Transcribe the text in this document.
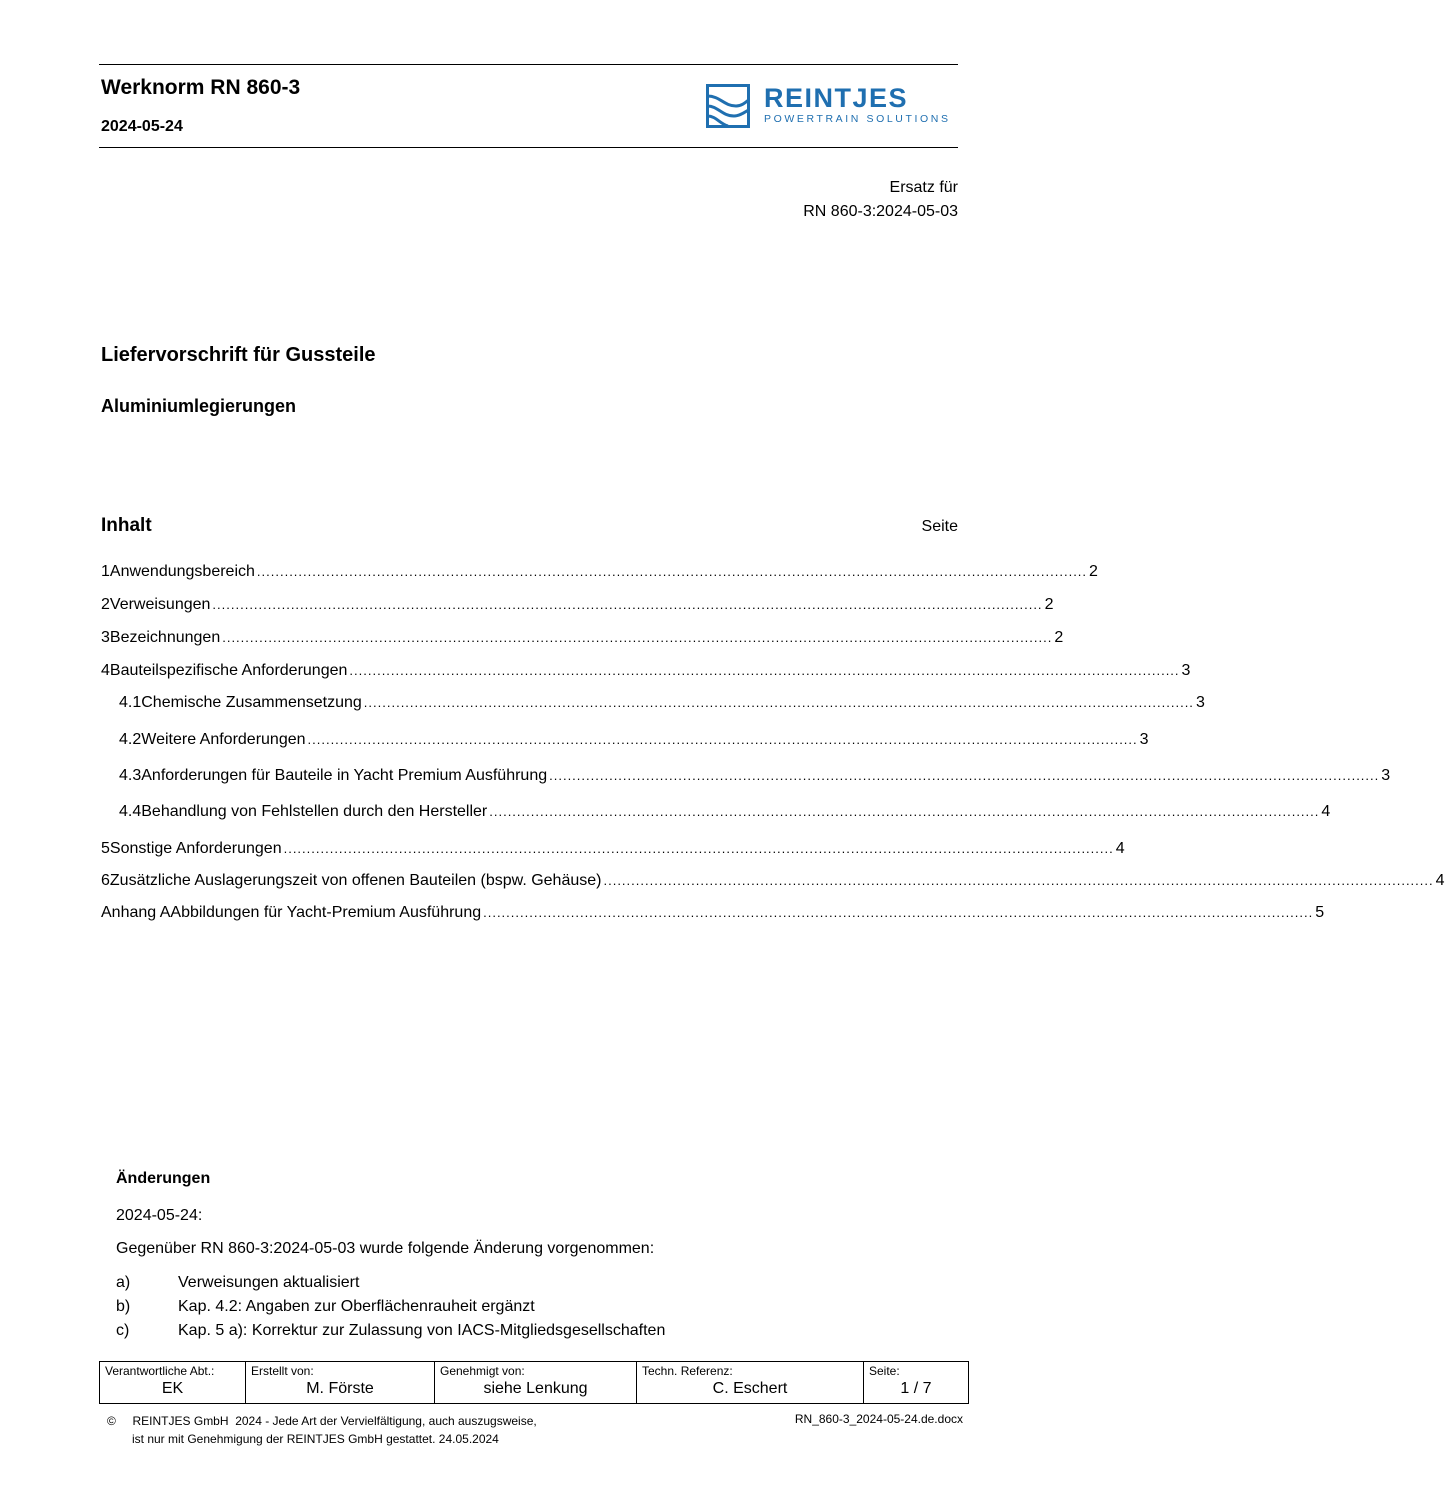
Werknorm RN 860-3
2024-05-24
REINTJES
POWERTRAIN SOLUTIONS
Ersatz für
RN 860-3:2024-05-03
Liefervorschrift für Gussteile
Aluminiumlegierungen
Inhalt	Seite
1 Anwendungsbereich .................................................................................................................................................................................... 2
2 Verweisungen .................................................................................................................................................................................... 2
3 Bezeichnungen .................................................................................................................................................................................... 2
4 Bauteilspezifische Anforderungen .................................................................................................................................................................................... 3
4.1 Chemische Zusammensetzung .................................................................................................................................................................................... 3
4.2 Weitere Anforderungen .................................................................................................................................................................................... 3
4.3 Anforderungen für Bauteile in Yacht Premium Ausführung .................................................................................................................................................................................... 3
4.4 Behandlung von Fehlstellen durch den Hersteller .................................................................................................................................................................................... 4
5 Sonstige Anforderungen .................................................................................................................................................................................... 4
6 Zusätzliche Auslagerungszeit von offenen Bauteilen (bspw. Gehäuse) .................................................................................................................................................................................... 4
Anhang A Abbildungen für Yacht-Premium Ausführung .................................................................................................................................................................................... 5
Änderungen
2024-05-24:
Gegenüber RN 860-3:2024-05-03 wurde folgende Änderung vorgenommen:
a)	Verweisungen aktualisiert
b)	Kap. 4.2: Angaben zur Oberflächenrauheit ergänzt
c)	Kap. 5 a): Korrektur zur Zulassung von IACS-Mitgliedsgesellschaften
Verantwortliche Abt.:
EK

Erstellt von:
M. Förste

Genehmigt von:
siehe Lenkung

Techn. Referenz:
C. Eschert

Seite:
1 / 7
©     REINTJES GmbH  2024 - Jede Art der Vervielfältigung, auch auszugsweise,
ist nur mit Genehmigung der REINTJES GmbH gestattet. 24.05.2024
RN_860-3_2024-05-24.de.docx
